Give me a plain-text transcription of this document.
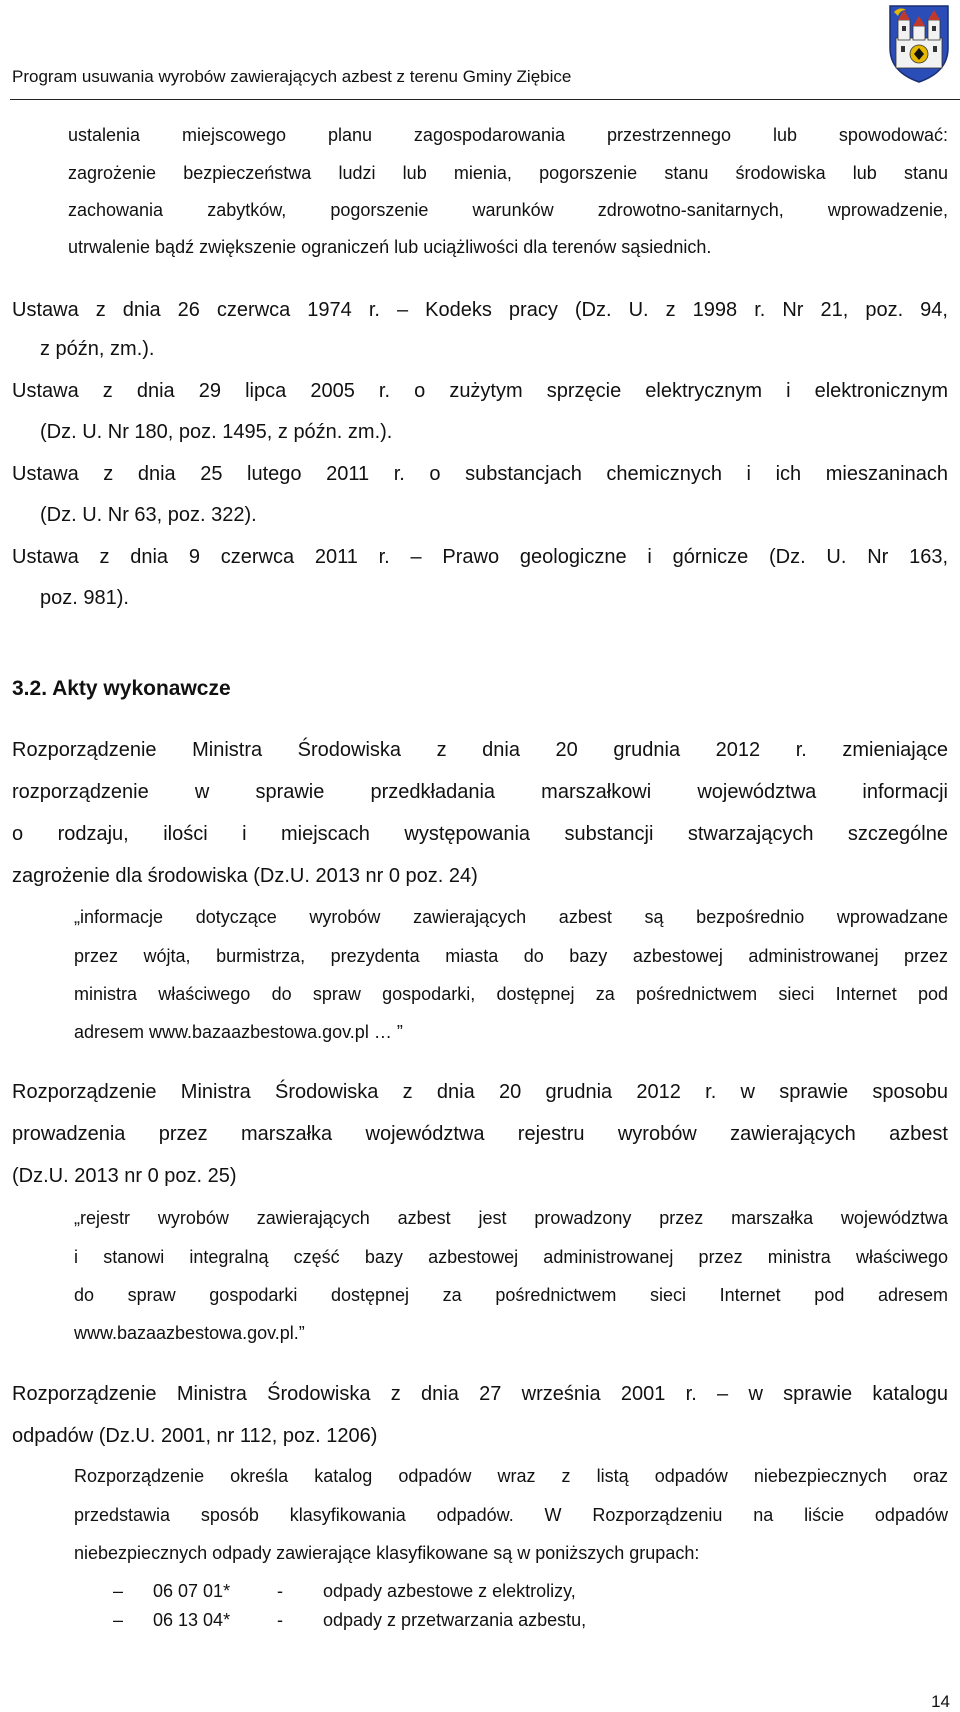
Program usuwania wyrobów zawierających azbest z terenu Gminy Ziębice

ustalenia miejscowego planu zagospodarowania przestrzennego lub spowodować:

zagrożenie bezpieczeństwa ludzi lub mienia, pogorszenie stanu środowiska lub stanu

zachowania zabytków, pogorszenie warunków zdrowotno-sanitarnych, wprowadzenie,

utrwalenie bądź zwiększenie ograniczeń lub uciążliwości dla terenów sąsiednich.

Ustawa z dnia 26 czerwca 1974 r. – Kodeks pracy (Dz. U. z 1998 r. Nr 21, poz. 94,

z późn, zm.).

Ustawa z dnia 29 lipca 2005 r. o zużytym sprzęcie elektrycznym i elektronicznym

(Dz. U. Nr 180, poz. 1495, z późn. zm.).

Ustawa z dnia 25 lutego 2011 r. o substancjach chemicznych i ich mieszaninach

(Dz. U. Nr 63, poz. 322).

Ustawa z dnia 9 czerwca 2011 r. – Prawo geologiczne i górnicze (Dz. U. Nr 163,

poz. 981).

3.2. Akty wykonawcze

Rozporządzenie Ministra Środowiska z dnia 20 grudnia 2012 r. zmieniające

rozporządzenie w sprawie przedkładania marszałkowi województwa informacji

o rodzaju, ilości i miejscach występowania substancji stwarzających szczególne

zagrożenie dla środowiska (Dz.U. 2013 nr 0 poz. 24)

„informacje dotyczące wyrobów zawierających azbest są bezpośrednio wprowadzane

przez wójta, burmistrza, prezydenta miasta do bazy azbestowej administrowanej przez

ministra właściwego do spraw gospodarki, dostępnej za pośrednictwem sieci Internet pod

adresem www.bazaazbestowa.gov.pl … ”

Rozporządzenie Ministra Środowiska z dnia 20 grudnia 2012 r. w sprawie sposobu

prowadzenia przez marszałka województwa rejestru wyrobów zawierających azbest

(Dz.U. 2013 nr 0 poz. 25)

„rejestr wyrobów zawierających azbest jest prowadzony przez marszałka województwa

i stanowi integralną część bazy azbestowej administrowanej przez ministra właściwego

do spraw gospodarki dostępnej za pośrednictwem sieci Internet pod adresem

www.bazaazbestowa.gov.pl.”

Rozporządzenie Ministra Środowiska z dnia 27 września 2001 r. – w sprawie katalogu

odpadów (Dz.U. 2001, nr 112, poz. 1206)

Rozporządzenie określa katalog odpadów wraz z listą odpadów niebezpiecznych oraz

przedstawia sposób klasyfikowania odpadów. W Rozporządzeniu na liście odpadów

niebezpiecznych odpady zawierające klasyfikowane są w poniższych grupach:

– 06 07 01*	- odpady azbestowe z elektrolizy,
– 06 13 04*	- odpady z przetwarzania azbestu,
14
